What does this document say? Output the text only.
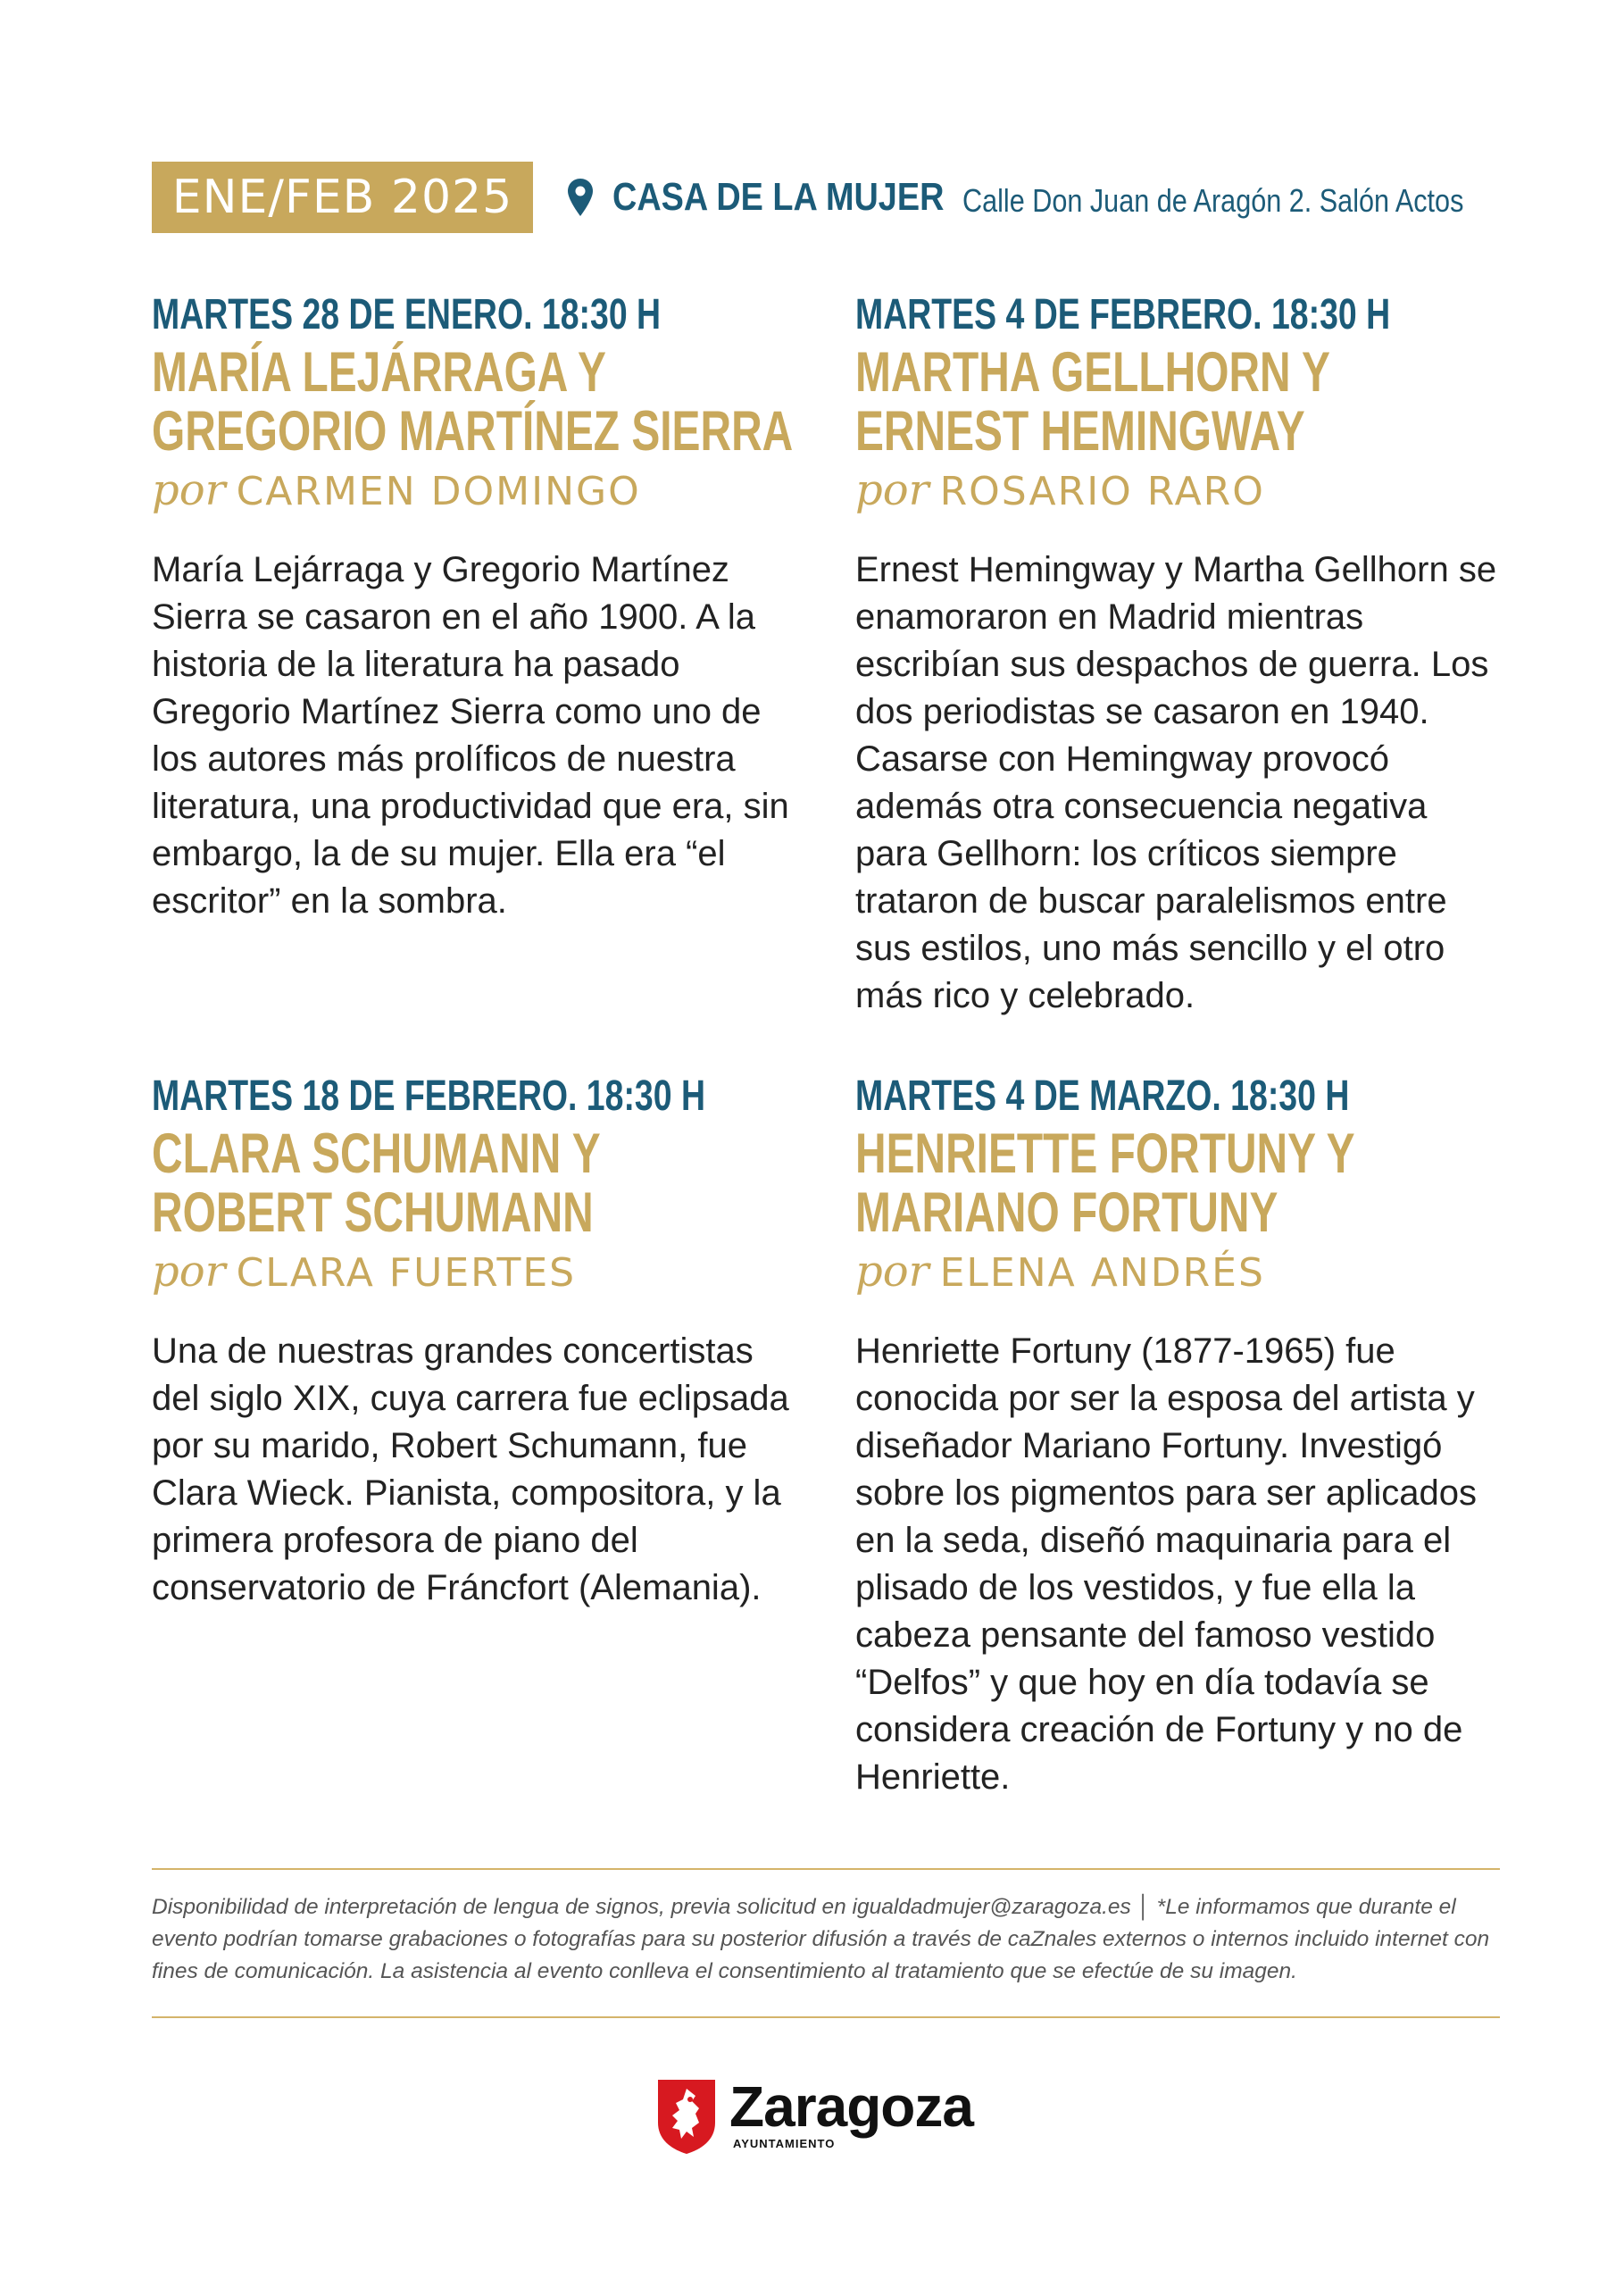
ENE/FEB 2025	CASA DE LA MUJER Calle Don Juan de Aragón 2. Salón Actos
MARTES 28 DE ENERO. 18:30 H
MARÍA LEJÁRRAGA Y
GREGORIO MARTÍNEZ SIERRA
por CARMEN DOMINGO
María Lejárraga y Gregorio Martínez Sierra se casaron en el año 1900. A la historia de la literatura ha pasado Gregorio Martínez Sierra como uno de los autores más prolíficos de nuestra literatura, una productividad que era, sin embargo, la de su mujer. Ella era “el escritor” en la sombra.
MARTES 4 DE FEBRERO. 18:30 H
MARTHA GELLHORN Y
ERNEST HEMINGWAY
por ROSARIO RARO
Ernest Hemingway y Martha Gellhorn se enamoraron en Madrid mientras escribían sus despachos de guerra. Los dos periodistas se casaron en 1940. Casarse con Hemingway provocó además otra consecuencia negativa para Gellhorn: los críticos siempre trataron de buscar paralelismos entre sus estilos, uno más sencillo y el otro más rico y celebrado.
MARTES 18 DE FEBRERO. 18:30 H
CLARA SCHUMANN Y
ROBERT SCHUMANN
por CLARA FUERTES
Una de nuestras grandes concertistas del siglo XIX, cuya carrera fue eclipsada por su marido, Robert Schumann, fue Clara Wieck. Pianista, compositora, y la primera profesora de piano del conservatorio de Fráncfort (Alemania).
MARTES 4 DE MARZO. 18:30 H
HENRIETTE FORTUNY Y
MARIANO FORTUNY
por ELENA ANDRÉS
Henriette Fortuny (1877-1965) fue conocida por ser la esposa del artista y diseñador Mariano Fortuny. Investigó sobre los pigmentos para ser aplicados en la seda, diseñó maquinaria para el plisado de los vestidos, y fue ella la cabeza pensante del famoso vestido “Delfos” y que hoy en día todavía se considera creación de Fortuny y no de Henriette.
Disponibilidad de interpretación de lengua de signos, previa solicitud en igualdadmujer@zaragoza.es │ *Le informamos que durante el evento podrían tomarse grabaciones o fotografías para su posterior difusión a través de caZnales externos o internos incluido internet con fines de comunicación. La asistencia al evento conlleva el consentimiento al tratamiento que se efectúe de su imagen.
Zaragoza
AYUNTAMIENTO
